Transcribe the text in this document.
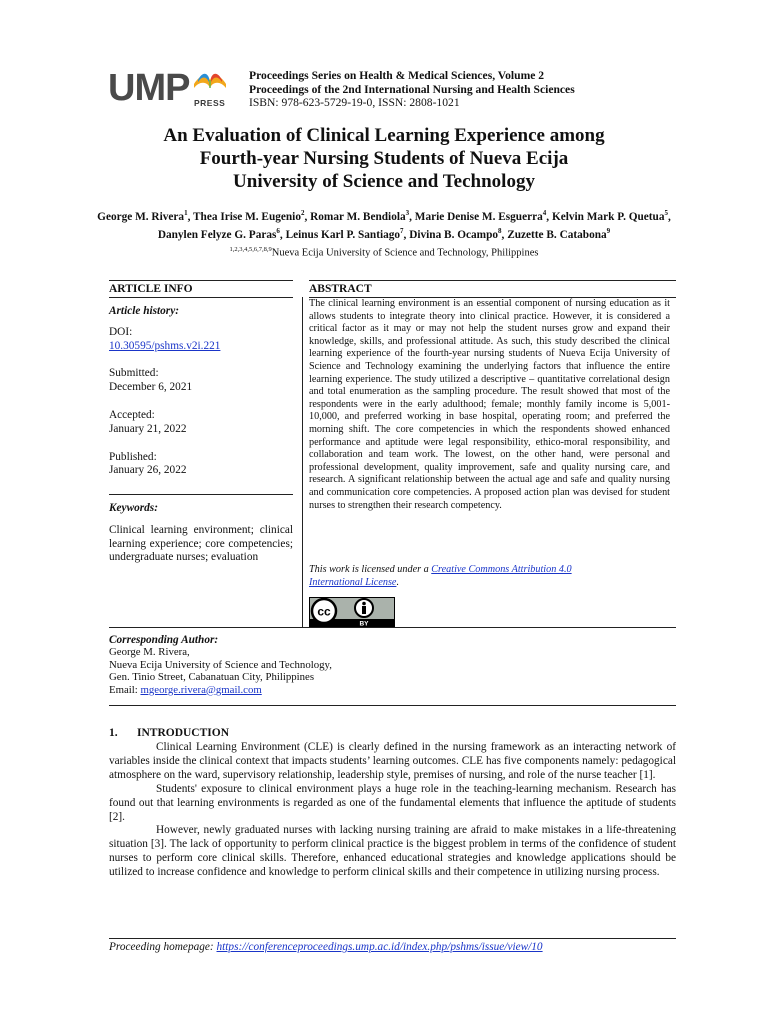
UMP PRESS
Proceedings Series on Health & Medical Sciences, Volume 2
Proceedings of the 2nd International Nursing and Health Sciences
ISBN: 978-623-5729-19-0, ISSN: 2808-1021
An Evaluation of Clinical Learning Experience among
Fourth-year Nursing Students of Nueva Ecija
University of Science and Technology
George M. Rivera$^1$, Thea Irise M. Eugenio$^2$, Romar M. Bendiola$^3$, Marie Denise M. Esguerra$^4$, Kelvin Mark P. Quetua$^5$, Danylen Felyze G. Paras$^6$, Leinus Karl P. Santiago$^7$, Divina B. Ocampo$^8$, Zuzette B. Catabona$^9$
$^{1,2,3,4,5,6,7,8,9}$Nueva Ecija University of Science and Technology, Philippines
ARTICLE INFO
Article history:
DOI:
10.30595/pshms.v2i.221
Submitted:
December 6, 2021
Accepted:
January 21, 2022
Published:
January 26, 2022
Keywords:
Clinical learning environment; clinical learning experience; core competencies; undergraduate nurses; evaluation
ABSTRACT
The clinical learning environment is an essential component of nursing education as it allows students to integrate theory into clinical practice. However, it is considered a critical factor as it may or may not help the student nurses grow and expand their knowledge, skills, and professional attitude. As such, this study described the clinical learning experience of the fourth-year nursing students of Nueva Ecija University of Science and Technology examining the underlying factors that influence the entire learning experience. The study utilized a descriptive – quantitative correlational design and total enumeration as the sampling procedure. The result showed that most of the respondents were in the early adulthood; female; monthly family income is 5,001-10,000, and preferred working in base hospital, operating room; and preferred the morning shift. The core competencies in which the respondents showed enhanced performance and aptitude were legal responsibility, ethico-moral responsibility, and collaboration and team work. The lowest, on the other hand, were personal and professional development, quality improvement, safe and quality nursing care, and research. A significant relationship between the actual age and safe and quality nursing and communication core competencies. A proposed action plan was devised for student nurses to strengthen their research competency.
This work is licensed under a Creative Commons Attribution 4.0
International License.
cc
BY
Corresponding Author:
George M. Rivera,
Nueva Ecija University of Science and Technology,
Gen. Tinio Street, Cabanatuan City, Philippines
Email: mgeorge.rivera@gmail.com
1. INTRODUCTION

Clinical Learning Environment (CLE) is clearly defined in the nursing framework as an interacting network of variables inside the clinical context that impacts students’ learning outcomes. CLE has five components namely: pedagogical atmosphere on the ward, supervisory relationship, leadership style, premises of nursing, and role of the nurse teacher [1].

Students' exposure to clinical environment plays a huge role in the teaching-learning mechanism. Research has found out that learning environments is regarded as one of the fundamental elements that influence the aptitude of students [2].

However, newly graduated nurses with lacking nursing training are afraid to make mistakes in a life-threatening situation [3]. The lack of opportunity to perform clinical practice is the biggest problem in terms of the confidence of student nurses to perform core clinical skills. Therefore, enhanced educational strategies and knowledge applications should be utilized to increase confidence and knowledge to perform clinical skills and their competence in utilizing nursing process.

Proceeding homepage: https://conferenceproceedings.ump.ac.id/index.php/pshms/issue/view/10
